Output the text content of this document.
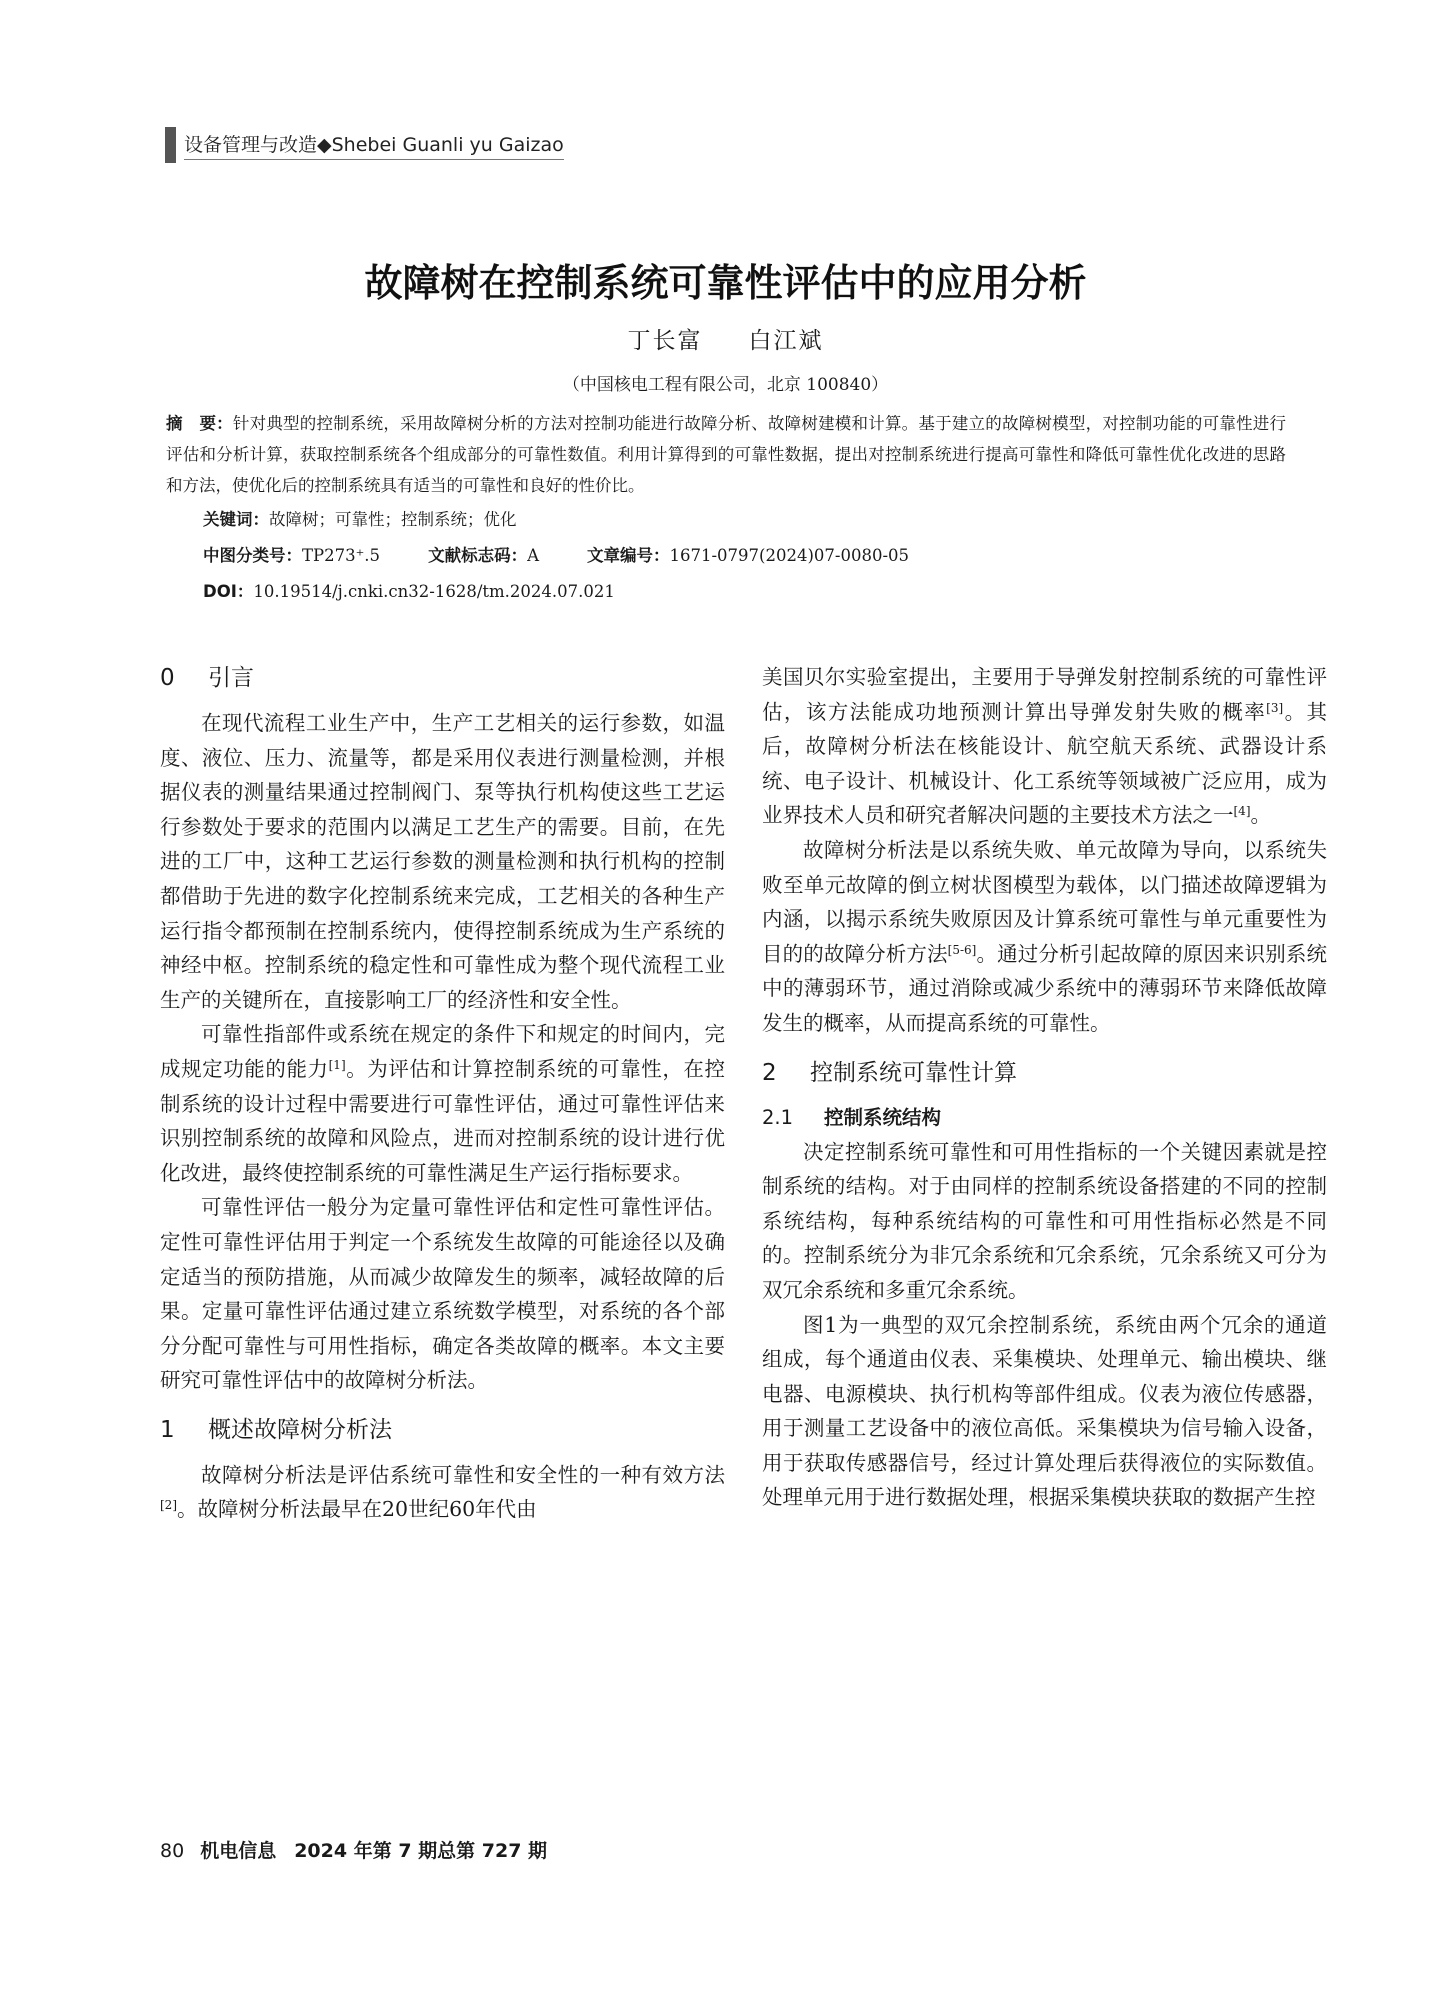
设备管理与改造◆Shebei Guanli yu Gaizao
故障树在控制系统可靠性评估中的应用分析
丁长富 白江斌
（中国核电工程有限公司，北京 100840）
摘　要：针对典型的控制系统，采用故障树分析的方法对控制功能进行故障分析、故障树建模和计算。基于建立的故障树模型，对控制功能的可靠性进行评估和分析计算，获取控制系统各个组成部分的可靠性数值。利用计算得到的可靠性数据，提出对控制系统进行提高可靠性和降低可靠性优化改进的思路和方法，使优化后的控制系统具有适当的可靠性和良好的性价比。
关键词：故障树；可靠性；控制系统；优化
中图分类号：TP273⁺.5	文献标志码：A	文章编号：1671-0797(2024)07-0080-05
DOI：10.19514/j.cnki.cn32-1628/tm.2024.07.021
0 引言

在现代流程工业生产中，生产工艺相关的运行参数，如温度、液位、压力、流量等，都是采用仪表进行测量检测，并根据仪表的测量结果通过控制阀门、泵等执行机构使这些工艺运行参数处于要求的范围内以满足工艺生产的需要。目前，在先进的工厂中，这种工艺运行参数的测量检测和执行机构的控制都借助于先进的数字化控制系统来完成，工艺相关的各种生产运行指令都预制在控制系统内，使得控制系统成为生产系统的神经中枢。控制系统的稳定性和可靠性成为整个现代流程工业生产的关键所在，直接影响工厂的经济性和安全性。

可靠性指部件或系统在规定的条件下和规定的时间内，完成规定功能的能力[1]。为评估和计算控制系统的可靠性，在控制系统的设计过程中需要进行可靠性评估，通过可靠性评估来识别控制系统的故障和风险点，进而对控制系统的设计进行优化改进，最终使控制系统的可靠性满足生产运行指标要求。

可靠性评估一般分为定量可靠性评估和定性可靠性评估。定性可靠性评估用于判定一个系统发生故障的可能途径以及确定适当的预防措施，从而减少故障发生的频率，减轻故障的后果。定量可靠性评估通过建立系统数学模型，对系统的各个部分分配可靠性与可用性指标，确定各类故障的概率。本文主要研究可靠性评估中的故障树分析法。

1 概述故障树分析法

故障树分析法是评估系统可靠性和安全性的一种有效方法[2]。故障树分析法最早在20世纪60年代由

美国贝尔实验室提出，主要用于导弹发射控制系统的可靠性评估，该方法能成功地预测计算出导弹发射失败的概率[3]。其后，故障树分析法在核能设计、航空航天系统、武器设计系统、电子设计、机械设计、化工系统等领域被广泛应用，成为业界技术人员和研究者解决问题的主要技术方法之一[4]。

故障树分析法是以系统失败、单元故障为导向，以系统失败至单元故障的倒立树状图模型为载体，以门描述故障逻辑为内涵，以揭示系统失败原因及计算系统可靠性与单元重要性为目的的故障分析方法[5-6]。通过分析引起故障的原因来识别系统中的薄弱环节，通过消除或减少系统中的薄弱环节来降低故障发生的概率，从而提高系统的可靠性。

2 控制系统可靠性计算
2.1 控制系统结构

决定控制系统可靠性和可用性指标的一个关键因素就是控制系统的结构。对于由同样的控制系统设备搭建的不同的控制系统结构，每种系统结构的可靠性和可用性指标必然是不同的。控制系统分为非冗余系统和冗余系统，冗余系统又可分为双冗余系统和多重冗余系统。

图1为一典型的双冗余控制系统，系统由两个冗余的通道组成，每个通道由仪表、采集模块、处理单元、输出模块、继电器、电源模块、执行机构等部件组成。仪表为液位传感器，用于测量工艺设备中的液位高低。采集模块为信号输入设备，用于获取传感器信号，经过计算处理后获得液位的实际数值。处理单元用于进行数据处理，根据采集模块获取的数据产生控

80 机电信息 2024 年第 7 期总第 727 期
